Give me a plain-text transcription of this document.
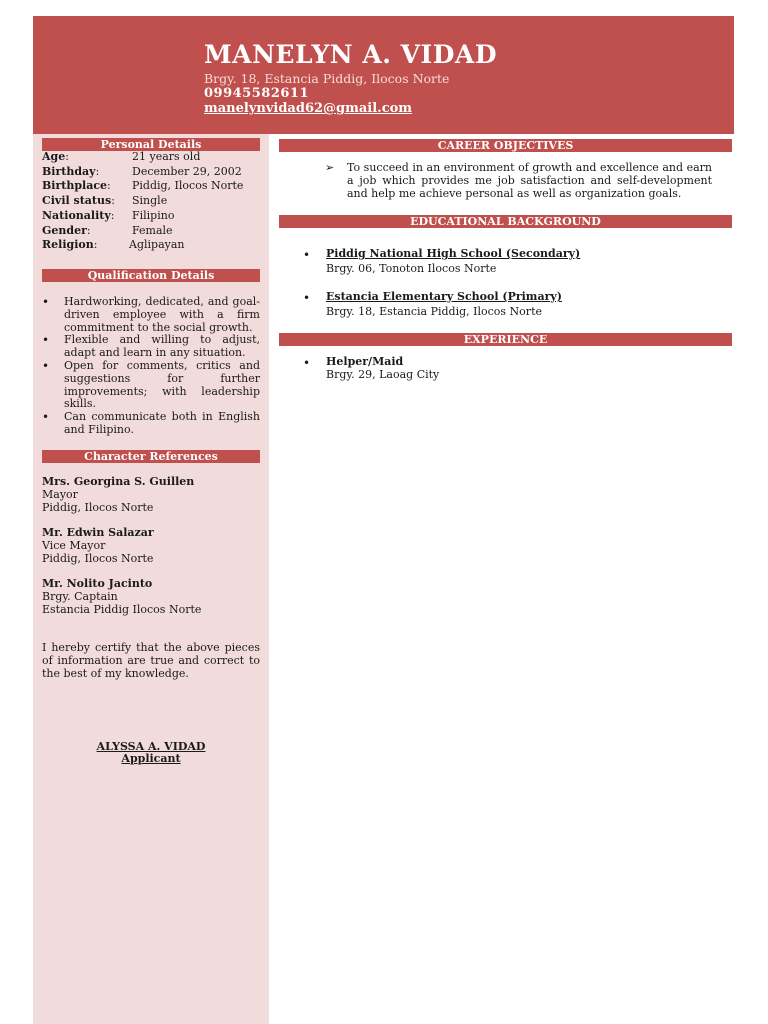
MANELYN A. VIDAD
Brgy. 18, Estancia Piddig, Ilocos Norte
09945582611
manelynvidad62@gmail.com
Personal Details
Age:	21 years old
Birthday:	December 29, 2002
Birthplace: Piddig, Ilocos Norte
Civil status: Single
Nationality: Filipino
Gender:	Female
Religion:	Aglipayan
Qualification Details
• Hardworking, dedicated, and goal-driven employee with a firm commitment to the social growth.
• Flexible and willing to adjust, adapt and learn in any situation.
• Open for comments, critics and suggestions for further improvements; with leadership skills.
• Can communicate both in English and Filipino.
Character References
Mrs. Georgina S. Guillen
Mayor
Piddig, Ilocos Norte
Mr. Edwin Salazar
Vice Mayor
Piddig, Ilocos Norte
Mr. Nolito Jacinto
Brgy. Captain
Estancia Piddig Ilocos Norte
I hereby certify that the above pieces of information are true and correct to the best of my knowledge.
ALYSSA A. VIDAD
Applicant
CAREER OBJECTIVES
➢ To succeed in an environment of growth and excellence and earn a job which provides me job satisfaction and self-development and help me achieve personal as well as organization goals.
EDUCATIONAL BACKGROUND
• Piddig National High School (Secondary)
Brgy. 06, Tonoton Ilocos Norte
• Estancia Elementary School (Primary)
Brgy. 18, Estancia Piddig, Ilocos Norte
EXPERIENCE
• Helper/Maid
Brgy. 29, Laoag City
